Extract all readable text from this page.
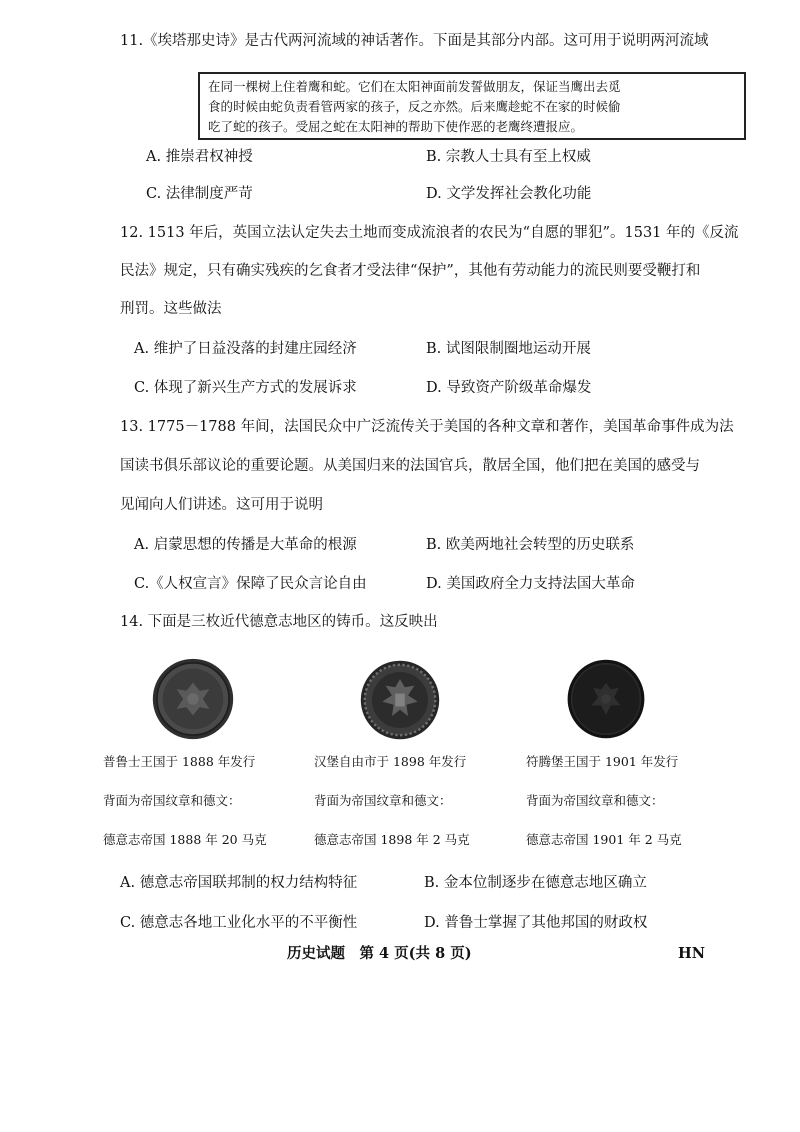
11.《埃塔那史诗》是古代两河流域的神话著作。下面是其部分内部。这可用于说明两河流域
在同一棵树上住着鹰和蛇。它们在太阳神面前发誓做朋友，保证当鹰出去觅
食的时候由蛇负责看管两家的孩子，反之亦然。后来鹰趁蛇不在家的时候偷
吃了蛇的孩子。受屈之蛇在太阳神的帮助下使作恶的老鹰终遭报应。
A. 推崇君权神授	B. 宗教人士具有至上权威
C. 法律制度严苛	D. 文学发挥社会教化功能
12. 1513 年后，英国立法认定失去土地而变成流浪者的农民为“自愿的罪犯”。1531 年的《反流
民法》规定，只有确实残疾的乞食者才受法律“保护”，其他有劳动能力的流民则要受鞭打和
刑罚。这些做法
A. 维护了日益没落的封建庄园经济	B. 试图限制圈地运动开展
C. 体现了新兴生产方式的发展诉求	D. 导致资产阶级革命爆发
13. 1775－1788 年间，法国民众中广泛流传关于美国的各种文章和著作，美国革命事件成为法
国读书俱乐部议论的重要论题。从美国归来的法国官兵，散居全国，他们把在美国的感受与
见闻向人们讲述。这可用于说明
A. 启蒙思想的传播是大革命的根源	B. 欧美两地社会转型的历史联系
C.《人权宣言》保障了民众言论自由	D. 美国政府全力支持法国大革命
14. 下面是三枚近代德意志地区的铸币。这反映出
普鲁士王国于 1888 年发行
背面为帝国纹章和德文：
德意志帝国 1888 年 20 马克
汉堡自由市于 1898 年发行
背面为帝国纹章和德文：
德意志帝国 1898 年 2 马克
符腾堡王国于 1901 年发行
背面为帝国纹章和德文：
德意志帝国 1901 年 2 马克
A. 德意志帝国联邦制的权力结构特征	B. 金本位制逐步在德意志地区确立
C. 德意志各地工业化水平的不平衡性	D. 普鲁士掌握了其他邦国的财政权
历史试题　第 4 页(共 8 页)	HN
